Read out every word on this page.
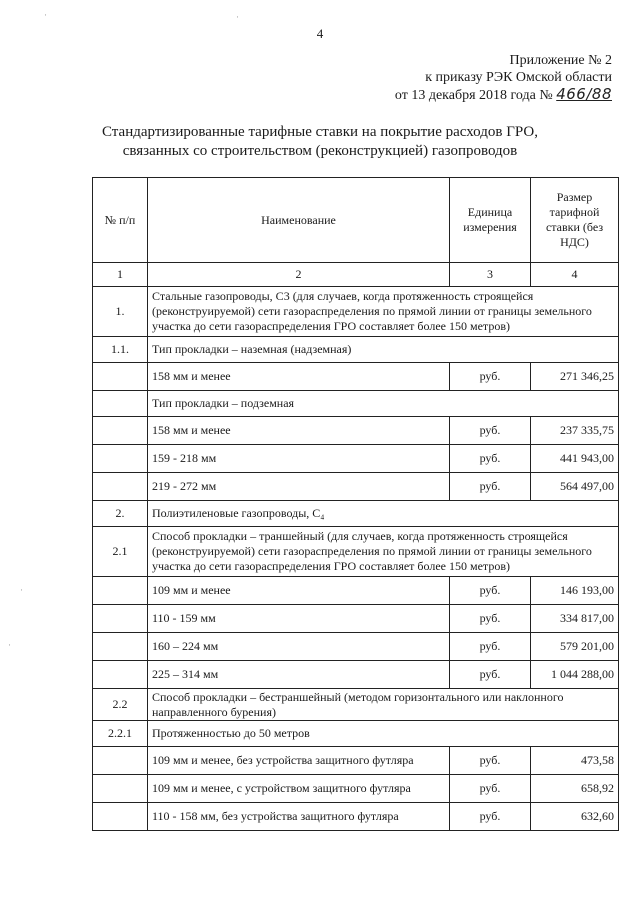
4
Приложение № 2
к приказу РЭК Омской области
от 13 декабря 2018 года № 466/88
Стандартизированные тарифные ставки на покрытие расходов ГРО,
связанных со строительством (реконструкцией) газопроводов
№ п/п	Наименование	Единица измерения	Размер тарифной ставки (без НДС)
1	2	3	4
1.	Стальные газопроводы, С3 (для случаев, когда протяженность строящейся (реконструируемой) сети газораспределения по прямой линии от границы земельного участка до сети газораспределения ГРО составляет более 150 метров)		
1.1.	Тип прокладки – наземная (надземная)		
	158 мм и менее	руб.	271 346,25
	Тип прокладки – подземная		
	158 мм и менее	руб.	237 335,75
	159 - 218 мм	руб.	441 943,00
	219 - 272 мм	руб.	564 497,00
2.	Полиэтиленовые газопроводы, С₄		
2.1	Способ прокладки – траншейный (для случаев, когда протяженность строящейся (реконструируемой) сети газораспределения по прямой линии от границы земельного участка до сети газораспределения ГРО составляет более 150 метров)		
	109 мм и менее	руб.	146 193,00
	110 - 159 мм	руб.	334 817,00
	160 – 224 мм	руб.	579 201,00
	225 – 314 мм	руб.	1 044 288,00
2.2	Способ прокладки – бестраншейный (методом горизонтального или наклонного направленного бурения)		
2.2.1	Протяженностью до 50 метров		
	109 мм и менее, без устройства защитного футляра	руб.	473,58
	109 мм и менее, с устройством защитного футляра	руб.	658,92
	110 - 158 мм, без устройства защитного футляра	руб.	632,60
·	·
·
·
